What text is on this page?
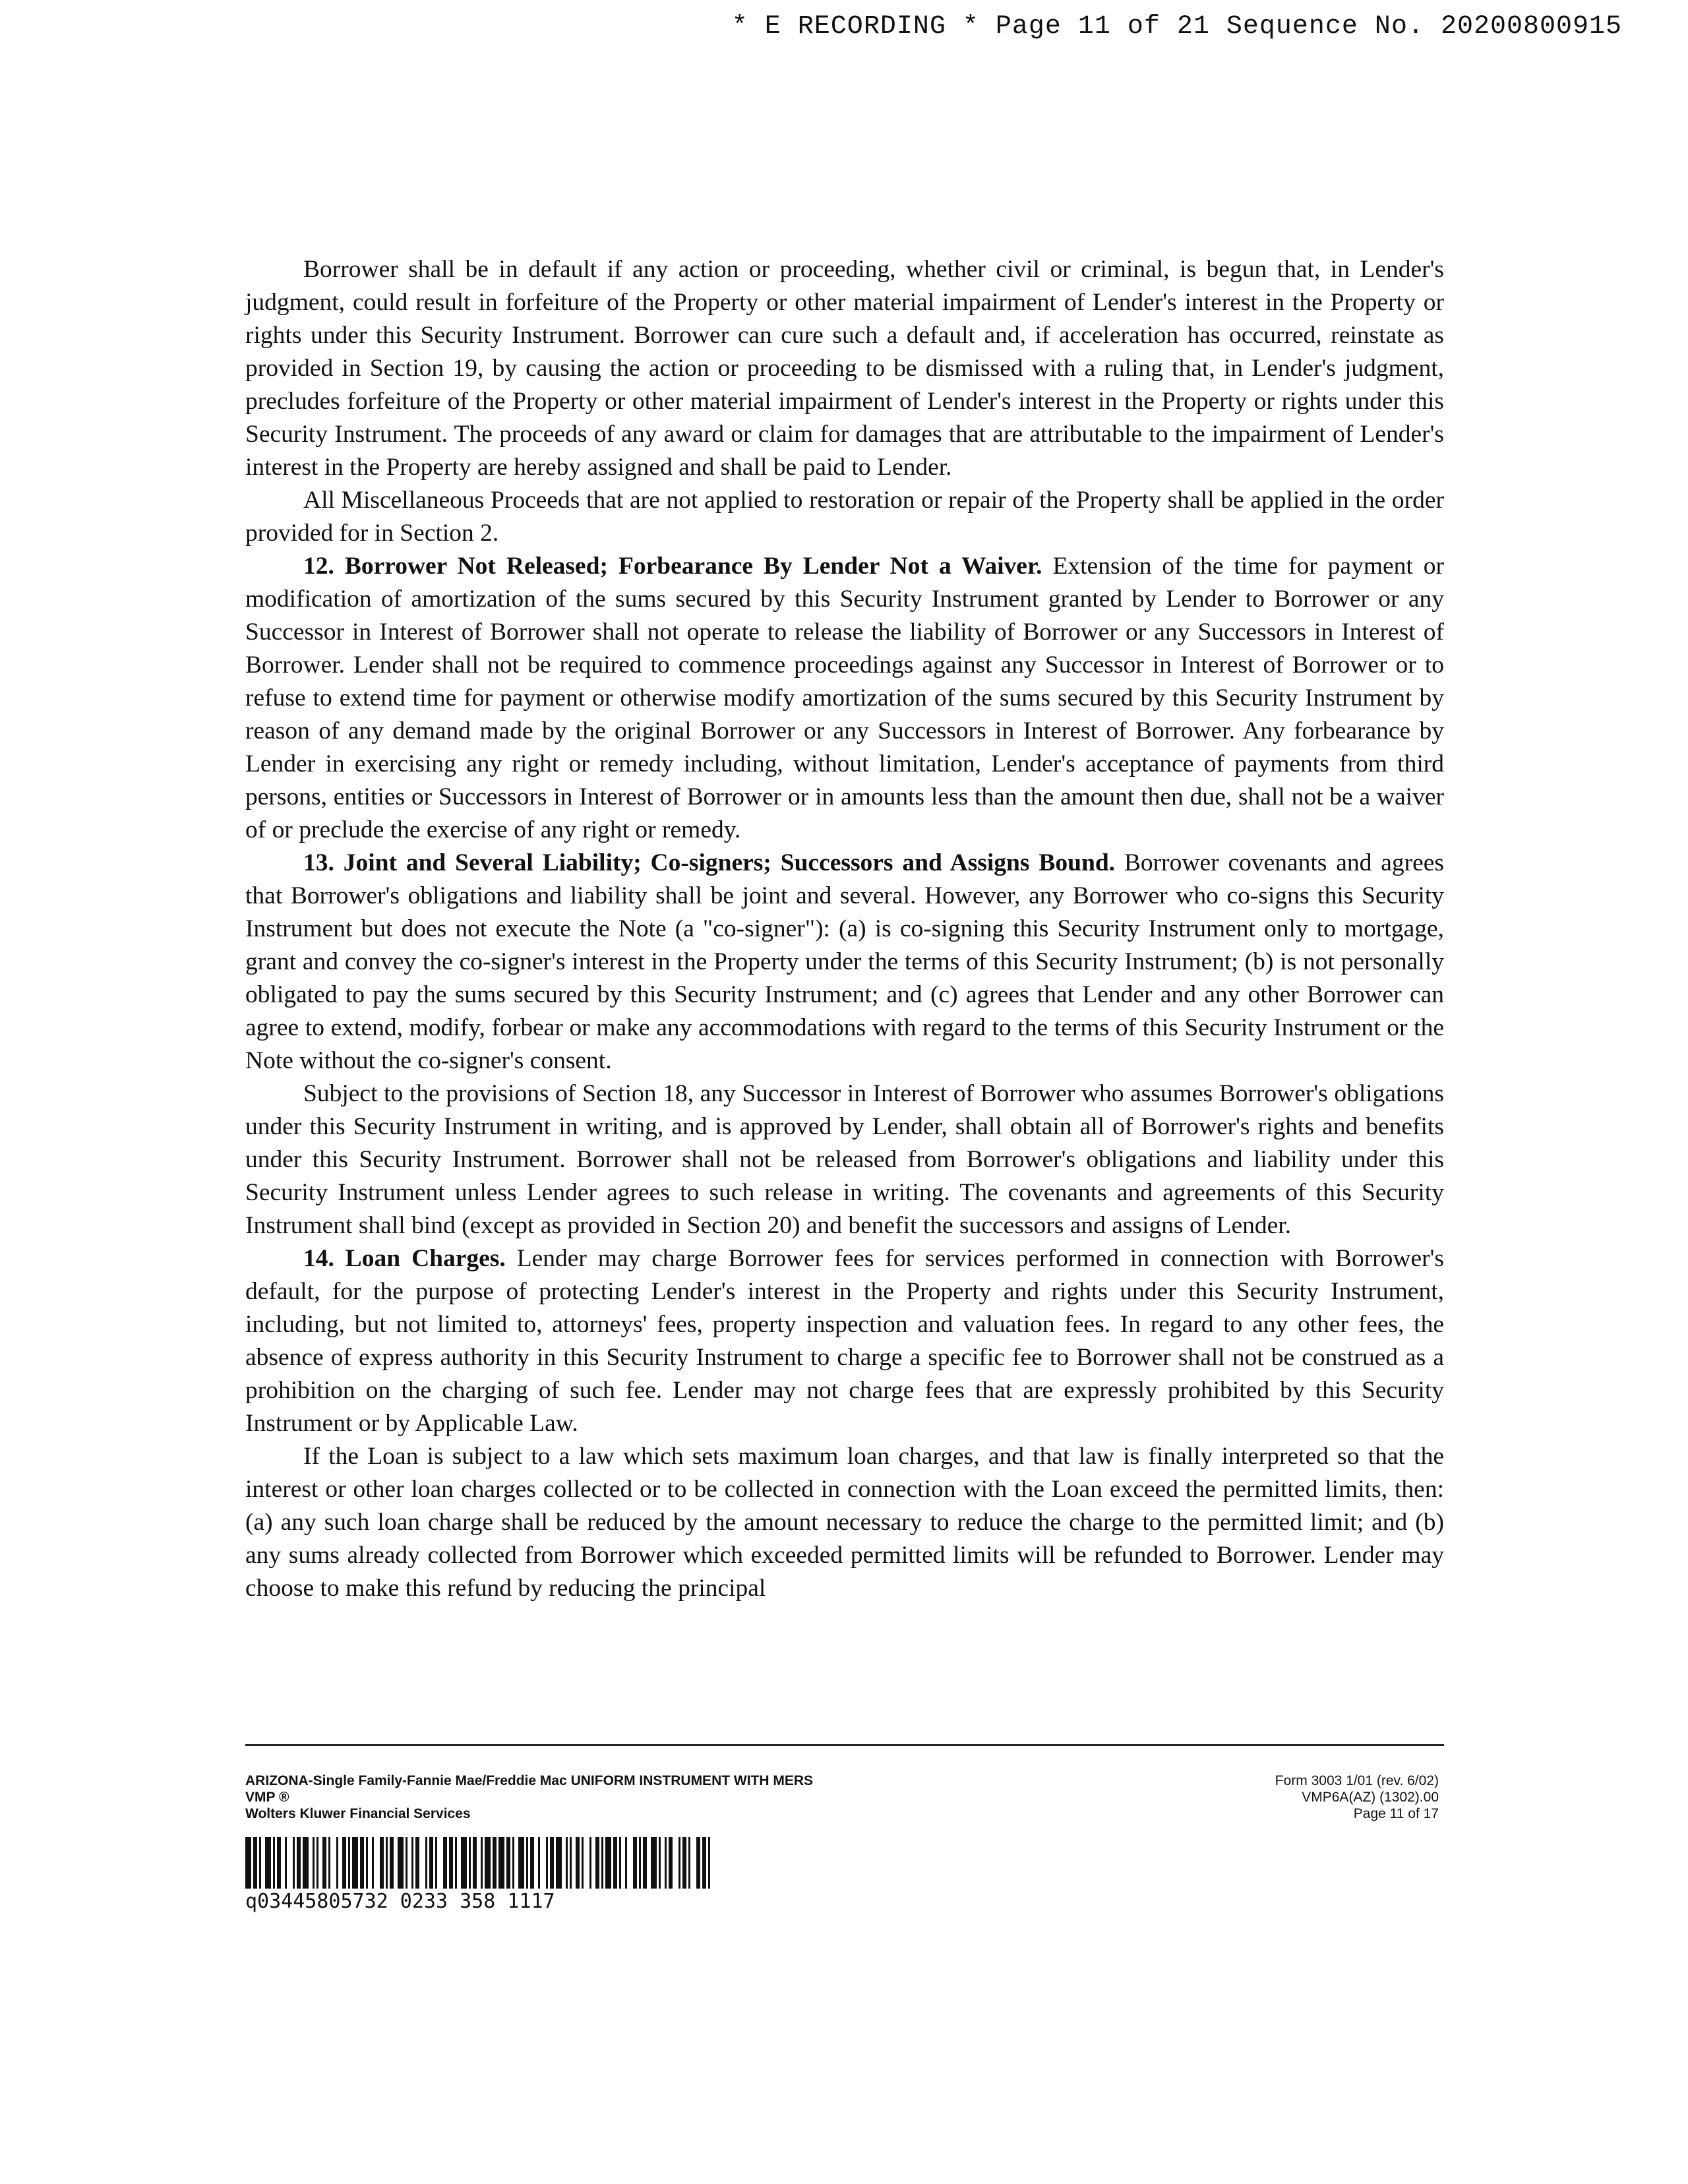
* E RECORDING * Page 11 of 21 Sequence No. 20200800915

Borrower shall be in default if any action or proceeding, whether civil or criminal, is begun that, in Lender's judgment, could result in forfeiture of the Property or other material impairment of Lender's interest in the Property or rights under this Security Instrument. Borrower can cure such a default and, if acceleration has occurred, reinstate as provided in Section 19, by causing the action or proceeding to be dismissed with a ruling that, in Lender's judgment, precludes forfeiture of the Property or other material impairment of Lender's interest in the Property or rights under this Security Instrument. The proceeds of any award or claim for damages that are attributable to the impairment of Lender's interest in the Property are hereby assigned and shall be paid to Lender.

All Miscellaneous Proceeds that are not applied to restoration or repair of the Property shall be applied in the order provided for in Section 2.

12. Borrower Not Released; Forbearance By Lender Not a Waiver. Extension of the time for payment or modification of amortization of the sums secured by this Security Instrument granted by Lender to Borrower or any Successor in Interest of Borrower shall not operate to release the liability of Borrower or any Successors in Interest of Borrower. Lender shall not be required to commence proceedings against any Successor in Interest of Borrower or to refuse to extend time for payment or otherwise modify amortization of the sums secured by this Security Instrument by reason of any demand made by the original Borrower or any Successors in Interest of Borrower. Any forbearance by Lender in exercising any right or remedy including, without limitation, Lender's acceptance of payments from third persons, entities or Successors in Interest of Borrower or in amounts less than the amount then due, shall not be a waiver of or preclude the exercise of any right or remedy.

13. Joint and Several Liability; Co-signers; Successors and Assigns Bound. Borrower covenants and agrees that Borrower's obligations and liability shall be joint and several. However, any Borrower who co-signs this Security Instrument but does not execute the Note (a "co-signer"): (a) is co-signing this Security Instrument only to mortgage, grant and convey the co-signer's interest in the Property under the terms of this Security Instrument; (b) is not personally obligated to pay the sums secured by this Security Instrument; and (c) agrees that Lender and any other Borrower can agree to extend, modify, forbear or make any accommodations with regard to the terms of this Security Instrument or the Note without the co-signer's consent.

Subject to the provisions of Section 18, any Successor in Interest of Borrower who assumes Borrower's obligations under this Security Instrument in writing, and is approved by Lender, shall obtain all of Borrower's rights and benefits under this Security Instrument. Borrower shall not be released from Borrower's obligations and liability under this Security Instrument unless Lender agrees to such release in writing. The covenants and agreements of this Security Instrument shall bind (except as provided in Section 20) and benefit the successors and assigns of Lender.

14. Loan Charges. Lender may charge Borrower fees for services performed in connection with Borrower's default, for the purpose of protecting Lender's interest in the Property and rights under this Security Instrument, including, but not limited to, attorneys' fees, property inspection and valuation fees. In regard to any other fees, the absence of express authority in this Security Instrument to charge a specific fee to Borrower shall not be construed as a prohibition on the charging of such fee. Lender may not charge fees that are expressly prohibited by this Security Instrument or by Applicable Law.

If the Loan is subject to a law which sets maximum loan charges, and that law is finally interpreted so that the interest or other loan charges collected or to be collected in connection with the Loan exceed the permitted limits, then: (a) any such loan charge shall be reduced by the amount necessary to reduce the charge to the permitted limit; and (b) any sums already collected from Borrower which exceeded permitted limits will be refunded to Borrower. Lender may choose to make this refund by reducing the principal

ARIZONA-Single Family-Fannie Mae/Freddie Mac UNIFORM INSTRUMENT WITH MERS
VMP ®
Wolters Kluwer Financial Services
Form 3003 1/01 (rev. 6/02)
VMP6A(AZ) (1302).00
Page 11 of 17
q03445805732 0233 358 1117
